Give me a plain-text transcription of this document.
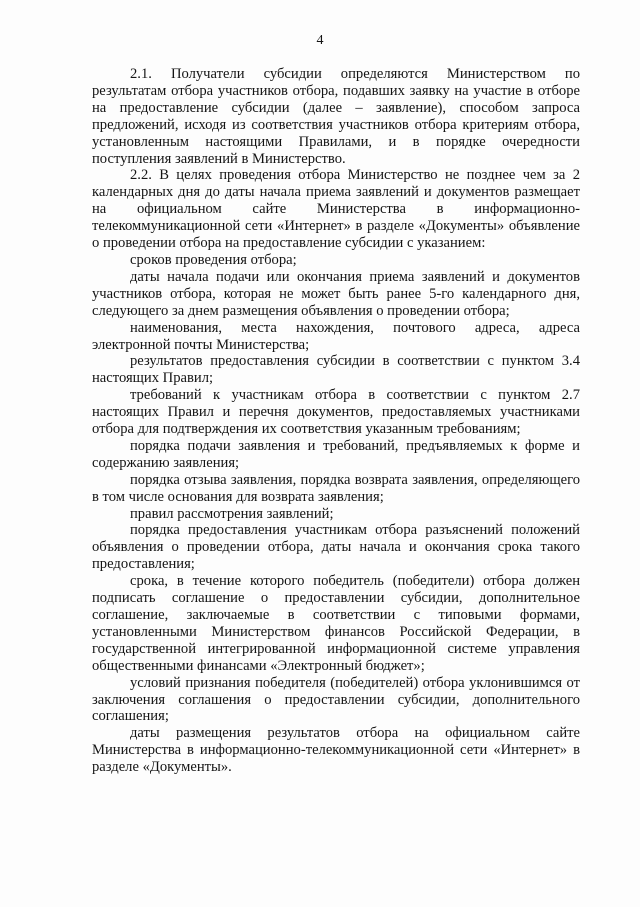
4

2.1. Получатели субсидии определяются Министерством по результатам отбора участников отбора, подавших заявку на участие в отборе на предоставление субсидии (далее – заявление), способом запроса предложений, исходя из соответствия участников отбора критериям отбора, установленным настоящими Правилами, и в порядке очередности поступления заявлений в Министерство.

2.2. В целях проведения отбора Министерство не позднее чем за 2 календарных дня до даты начала приема заявлений и документов размещает на официальном сайте Министерства в информационно-телекоммуникационной сети «Интернет» в разделе «Документы» объявление о проведении отбора на предоставление субсидии с указанием:

сроков проведения отбора;

даты начала подачи или окончания приема заявлений и документов участников отбора, которая не может быть ранее 5-го календарного дня, следующего за днем размещения объявления о проведении отбора;

наименования, места нахождения, почтового адреса, адреса электронной почты Министерства;

результатов предоставления субсидии в соответствии с пунктом 3.4 настоящих Правил;

требований к участникам отбора в соответствии с пунктом 2.7 настоящих Правил и перечня документов, предоставляемых участниками отбора для подтверждения их соответствия указанным требованиям;

порядка подачи заявления и требований, предъявляемых к форме и содержанию заявления;

порядка отзыва заявления, порядка возврата заявления, определяющего в том числе основания для возврата заявления;

правил рассмотрения заявлений;

порядка предоставления участникам отбора разъяснений положений объявления о проведении отбора, даты начала и окончания срока такого предоставления;

срока, в течение которого победитель (победители) отбора должен подписать соглашение о предоставлении субсидии, дополнительное соглашение, заключаемые в соответствии с типовыми формами, установленными Министерством финансов Российской Федерации, в государственной интегрированной информационной системе управления общественными финансами «Электронный бюджет»;

условий признания победителя (победителей) отбора уклонившимся от заключения соглашения о предоставлении субсидии, дополнительного соглашения;

даты размещения результатов отбора на официальном сайте Министерства в информационно-телекоммуникационной сети «Интернет» в разделе «Документы».
